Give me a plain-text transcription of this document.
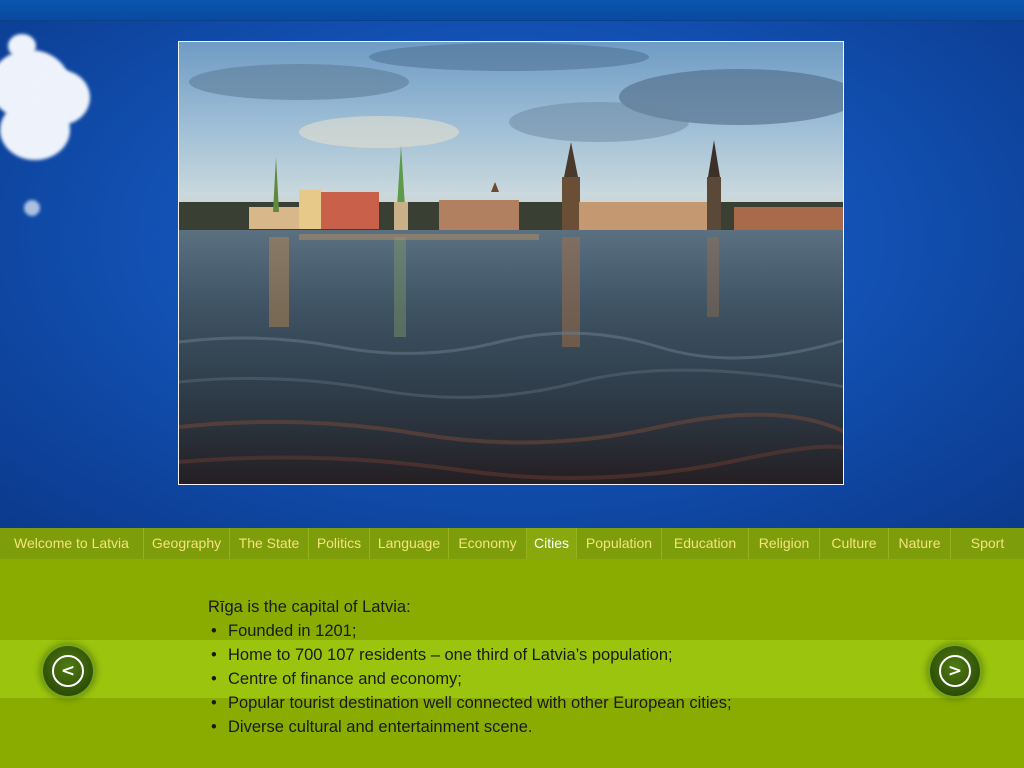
Welcome to Latvia	Geography	The State	Politics	Language	Economy	Cities	Population	Education	Religion	Culture	Nature	Sport
<	>
Rīga is the capital of Latvia:
• Founded in 1201;
• Home to 700 107 residents – one third of Latvia’s population;
• Centre of finance and economy;
• Popular tourist destination well connected with other European cities;
• Diverse cultural and entertainment scene.
